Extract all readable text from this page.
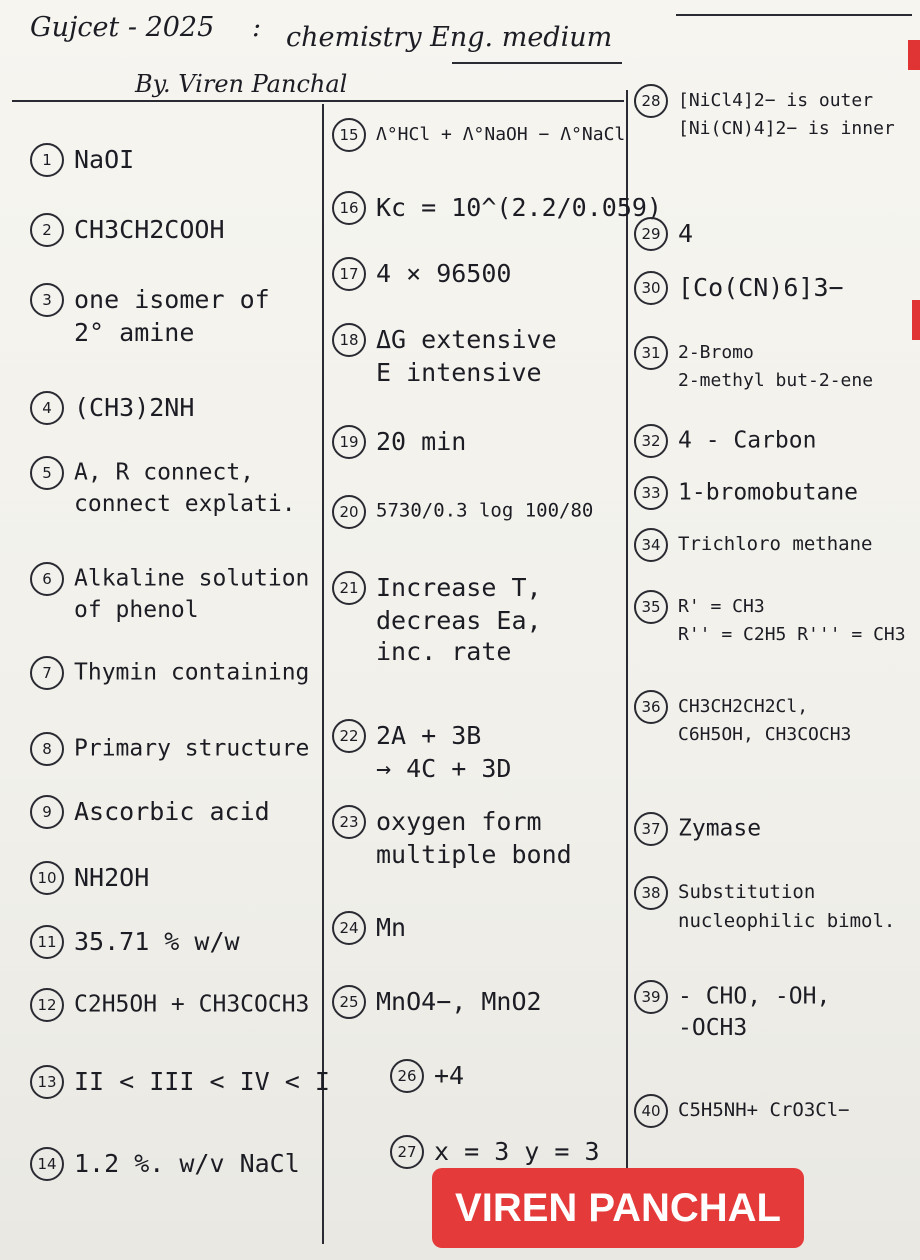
Gujcet - 2025 : chemistry Eng. medium
By. Viren Panchal
1 NaOI
2 CH3CH2COOH
3 one isomer of
2° amine
4 (CH3)2NH
5 A, R connect,
connect explati.
6 Alkaline solution
of phenol
7 Thymin containing
8 Primary structure
9 Ascorbic acid
10 NH2OH
11 35.71 % w/w
12 C2H5OH + CH3COCH3
13 II < III < IV < I
14 1.2 %. w/v NaCl
15 Λ°HCl + Λ°NaOH − Λ°NaCl
16 Kc = 10^(2.2/0.059)
17 4 × 96500
18 ΔG extensive
E intensive
19 20 min
20 5730/0.3 log 100/80
21 Increase T,
decreas Ea,
inc. rate
22 2A + 3B
→ 4C + 3D
23 oxygen form
multiple bond
24 Mn
25 MnO4−, MnO2
26 +4
27 x = 3 y = 3
28 [NiCl4]2− is outer
[Ni(CN)4]2− is inner
29 4
30 [Co(CN)6]3−
31 2-Bromo
2-methyl but-2-ene
32 4 - Carbon
33 1-bromobutane
34 Trichloro methane
35 R' = CH3
R'' = C2H5 R''' = CH3
36 CH3CH2CH2Cl,
C6H5OH, CH3COCH3
37 Zymase
38 Substitution
nucleophilic bimol.
39 - CHO, -OH,
-OCH3
40 C5H5NH+ CrO3Cl−
VIREN PANCHAL
